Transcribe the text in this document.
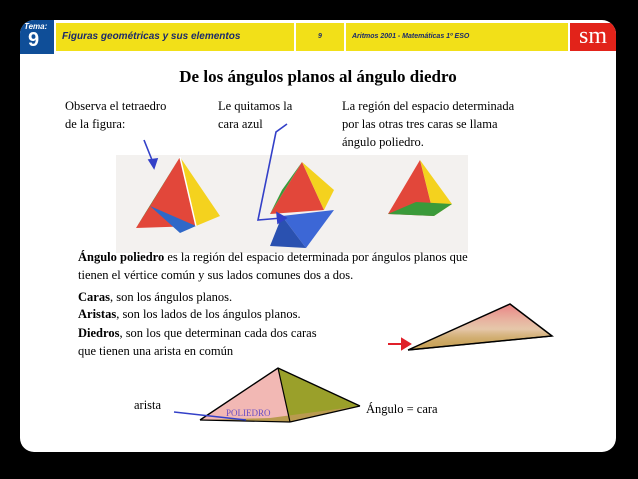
Tema:
9	Figuras geométricas y sus elementos	9	Aritmos 2001 - Matemáticas 1º ESO	sm
De los ángulos planos al ángulo diedro
Observa el tetraedro
de la figura:
Le quitamos la
cara azul
La región del espacio determinada
por las otras tres caras se llama
ángulo poliedro.
Ángulo poliedro es la región del espacio determinada por ángulos planos que
tienen el vértice común y sus lados comunes dos a dos.
Caras, son los ángulos planos.
Aristas, son los lados de los ángulos planos.
Diedros, son los que determinan cada dos caras
que tienen una arista en común
arista
POLIEDRO	Ángulo = cara
